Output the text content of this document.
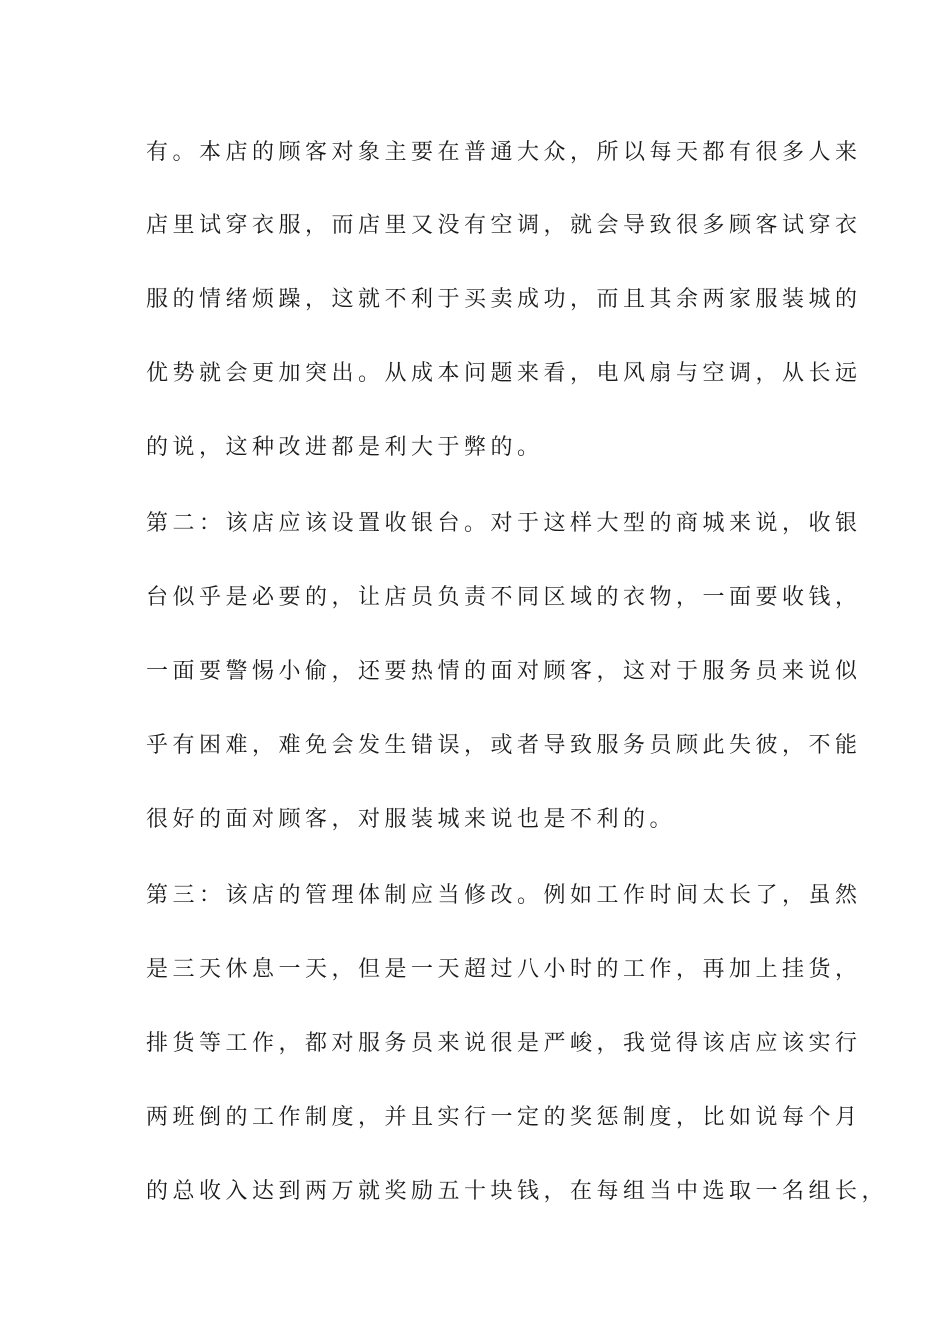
有。本店的顾客对象主要在普通大众，所以每天都有很多人来
店里试穿衣服，而店里又没有空调，就会导致很多顾客试穿衣
服的情绪烦躁，这就不利于买卖成功，而且其余两家服装城的
优势就会更加突出。从成本问题来看，电风扇与空调，从长远
的说，这种改进都是利大于弊的。
第二：该店应该设置收银台。对于这样大型的商城来说，收银
台似乎是必要的，让店员负责不同区域的衣物，一面要收钱，
一面要警惕小偷，还要热情的面对顾客，这对于服务员来说似
乎有困难，难免会发生错误，或者导致服务员顾此失彼，不能
很好的面对顾客，对服装城来说也是不利的。
第三：该店的管理体制应当修改。例如工作时间太长了，虽然
是三天休息一天，但是一天超过八小时的工作，再加上挂货，
排货等工作，都对服务员来说很是严峻，我觉得该店应该实行
两班倒的工作制度，并且实行一定的奖惩制度，比如说每个月
的总收入达到两万就奖励五十块钱，在每组当中选取一名组长，
